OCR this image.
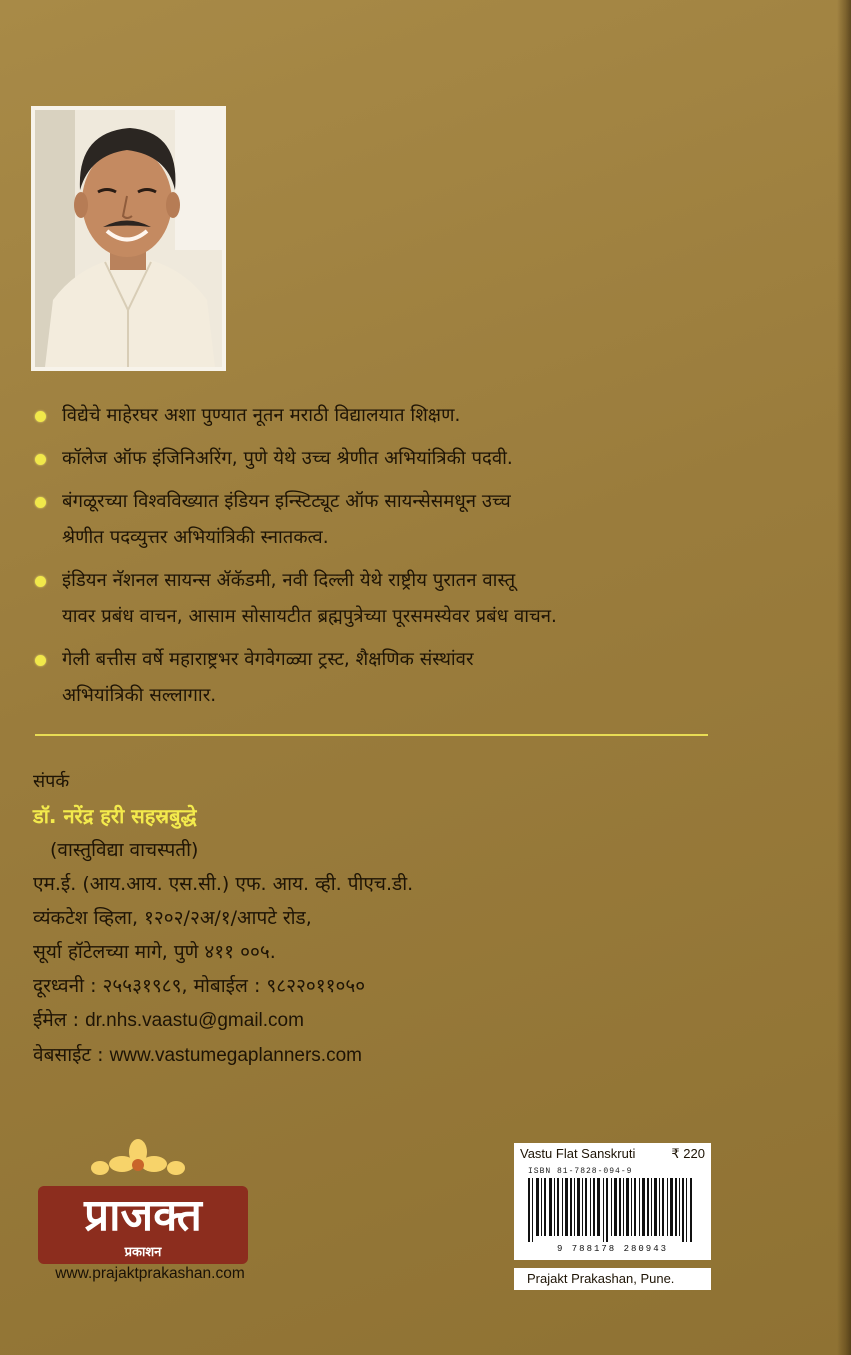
विद्येचे माहेरघर अशा पुण्यात नूतन मराठी विद्यालयात शिक्षण.
कॉलेज ऑफ इंजिनिअरिंग, पुणे येथे उच्च श्रेणीत अभियांत्रिकी पदवी.
बंगळूरच्या विश्वविख्यात इंडियन इन्स्टिट्यूट ऑफ सायन्सेसमधून उच्च
श्रेणीत पदव्युत्तर अभियांत्रिकी स्नातकत्व.
इंडियन नॅशनल सायन्स ॲकॅडमी, नवी दिल्ली येथे राष्ट्रीय पुरातन वास्तू
यावर प्रबंध वाचन, आसाम सोसायटीत ब्रह्मपुत्रेच्या पूरसमस्येवर प्रबंध वाचन.
गेली बत्तीस वर्षे महाराष्ट्रभर वेगवेगळ्या ट्रस्ट, शैक्षणिक संस्थांवर
अभियांत्रिकी सल्लागार.
संपर्क
डॉ. नरेंद्र हरी सहस्रबुद्धे
(वास्तुविद्या वाचस्पती)
एम.ई. (आय.आय. एस.सी.) एफ. आय. व्ही. पीएच.डी.
व्यंकटेश व्हिला, १२०२/२अ/१/आपटे रोड,
सूर्या हॉटेलच्या मागे, पुणे ४११ ००५.
दूरध्वनी : २५५३१९८९, मोबाईल : ९८२२०११०५०
ईमेल : dr.nhs.vaastu@gmail.com
वेबसाईट : www.vastumegaplanners.com
प्राजक्त
प्रकाशन
www.prajaktprakashan.com
Vastu Flat Sanskruti	₹ 220
ISBN 81-7828-094-9
9 788178 280943
Prajakt Prakashan, Pune.
